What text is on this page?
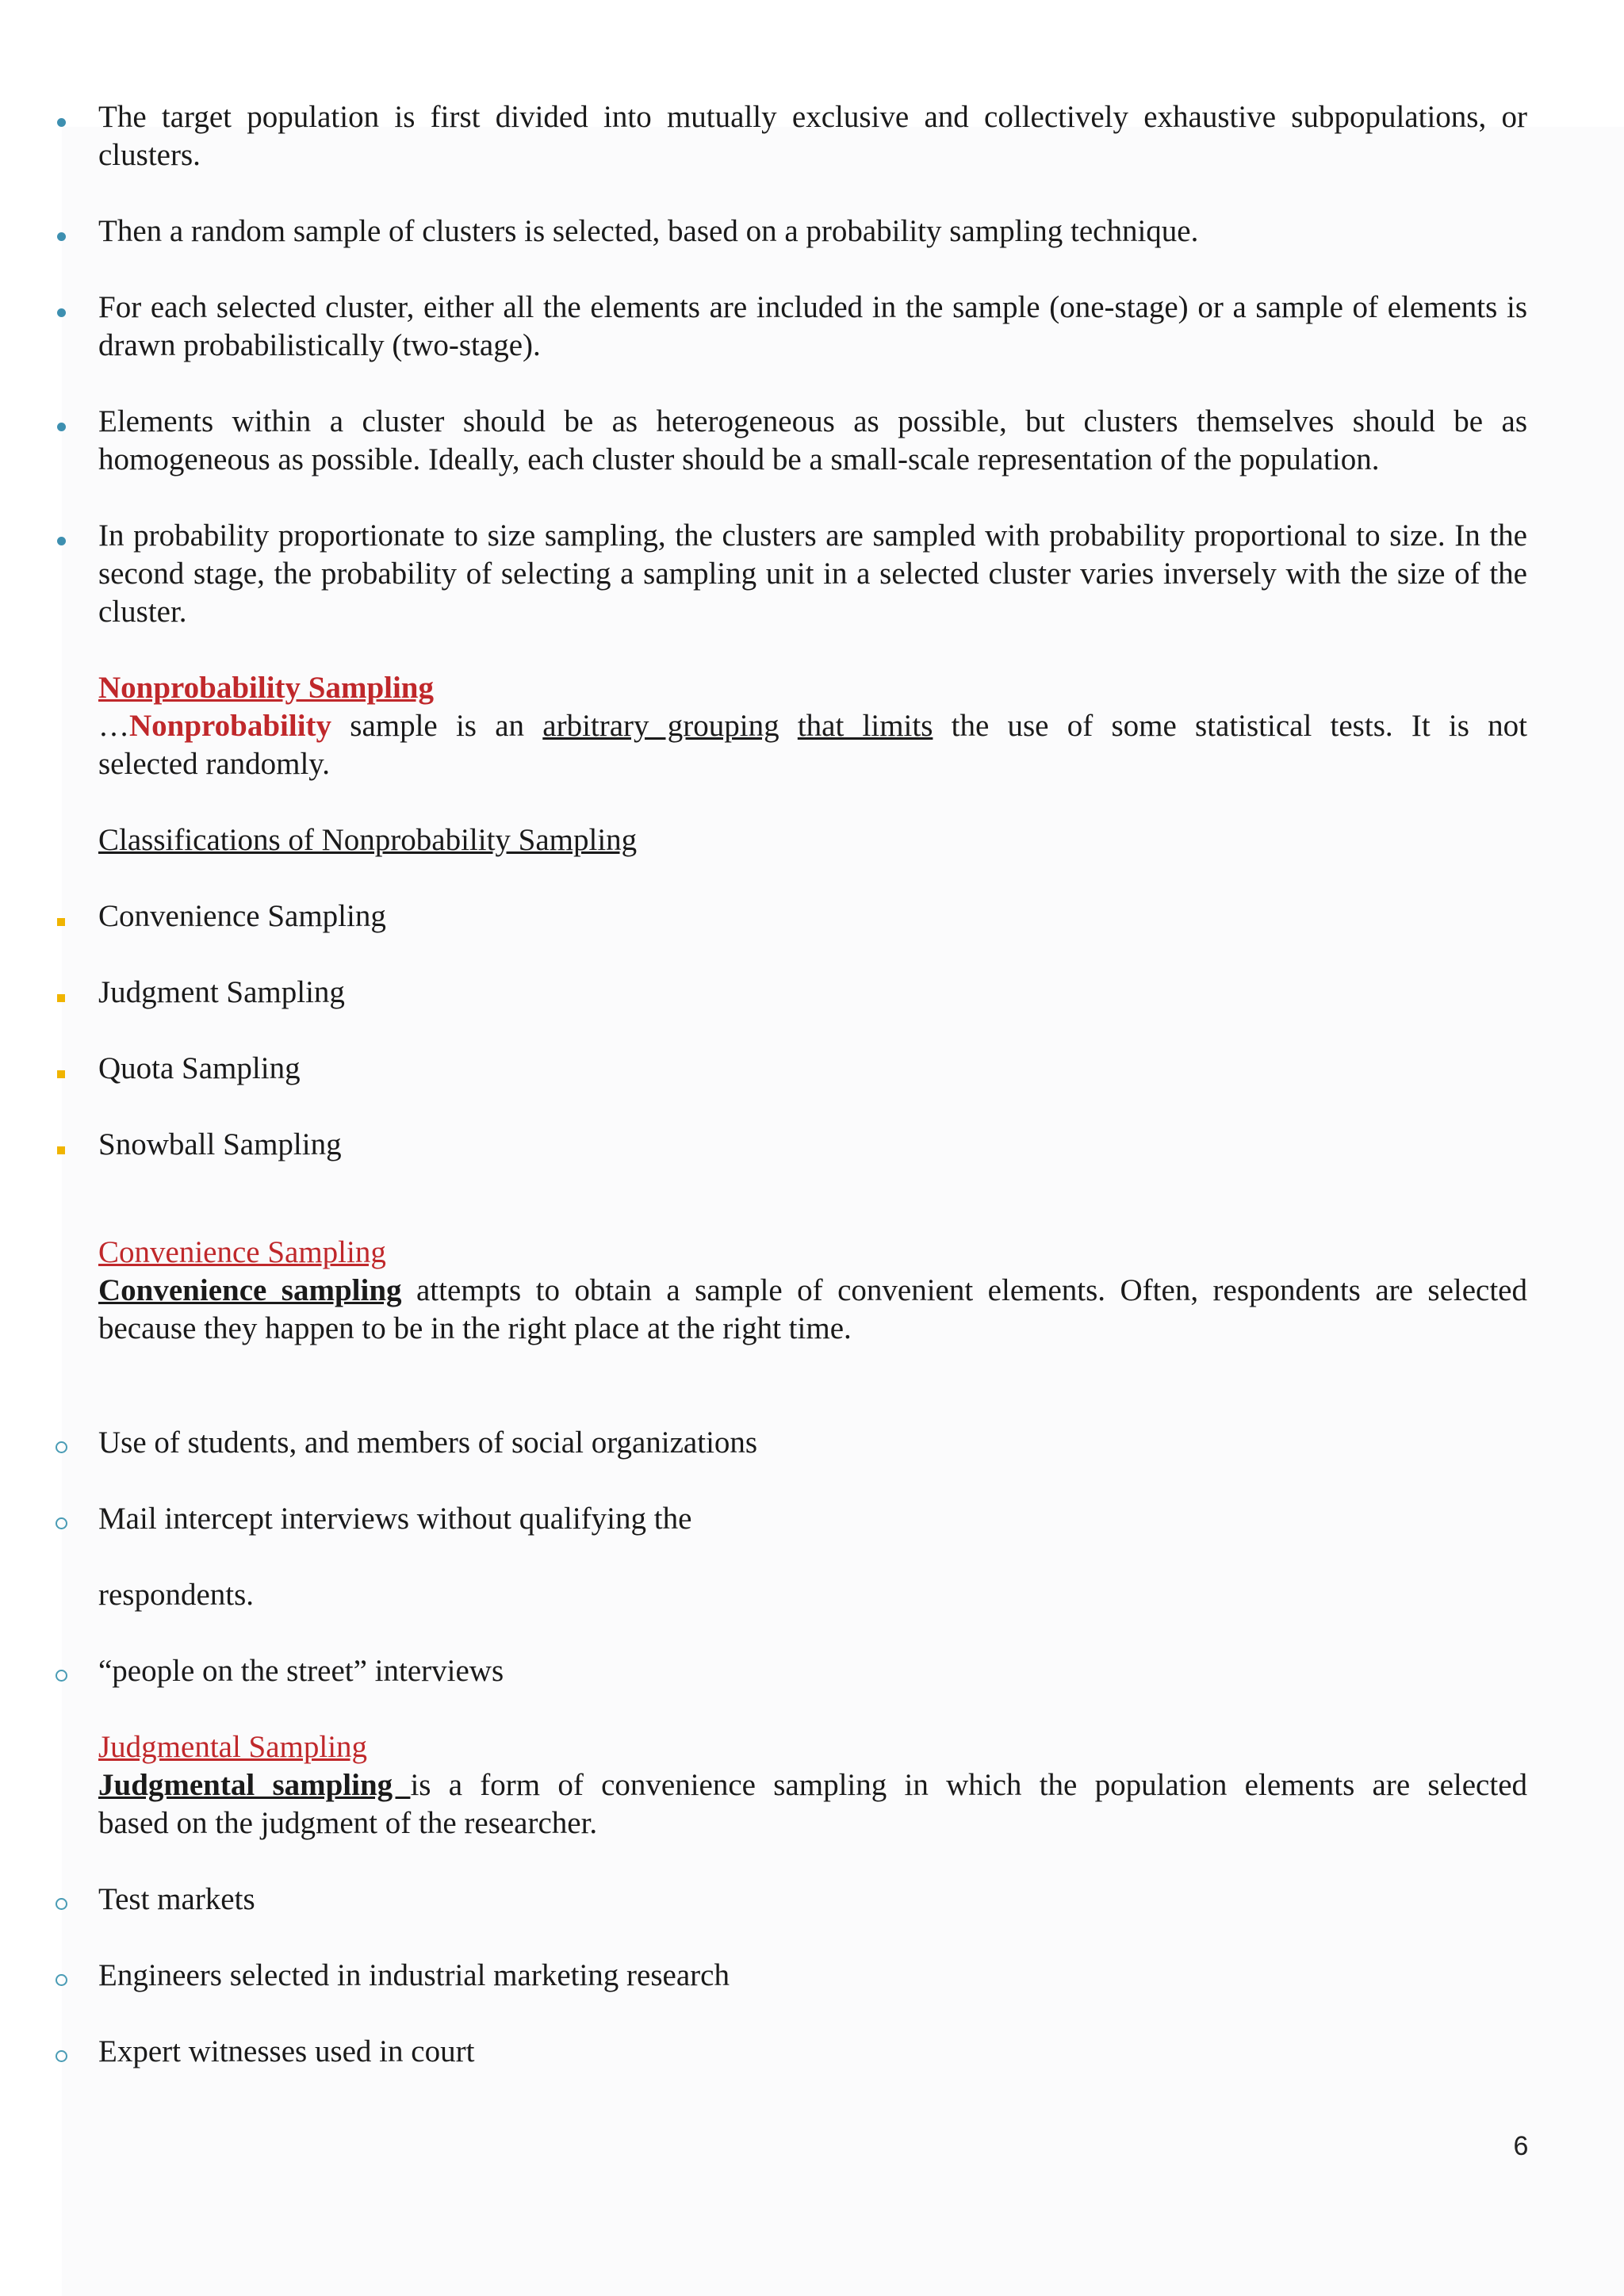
The target population is first divided into mutually exclusive and collectively exhaustive subpopulations, or clusters.
Then a random sample of clusters is selected, based on a probability sampling technique.
For each selected cluster, either all the elements are included in the sample (one-stage) or a sample of elements is drawn probabilistically (two-stage).
Elements within a cluster should be as heterogeneous as possible, but clusters themselves should be as homogeneous as possible. Ideally, each cluster should be a small-scale representation of the population.
In probability proportionate to size sampling, the clusters are sampled with probability proportional to size. In the second stage, the probability of selecting a sampling unit in a selected cluster varies inversely with the size of the cluster.
Nonprobability Sampling
…Nonprobability sample is an arbitrary grouping that limits the use of some statistical tests. It is not
selected randomly.
Classifications of Nonprobability Sampling
Convenience Sampling
Judgment Sampling
Quota Sampling
Snowball Sampling
Convenience Sampling
Convenience sampling attempts to obtain a sample of convenient elements. Often, respondents are selected
because they happen to be in the right place at the right time.
Use of students, and members of social organizations
Mail intercept interviews without qualifying the
respondents.
“people on the street” interviews
Judgmental Sampling
Judgmental sampling is a form of convenience sampling in which the population elements are selected
based on the judgment of the researcher.
Test markets
Engineers selected in industrial marketing research
Expert witnesses used in court
6
